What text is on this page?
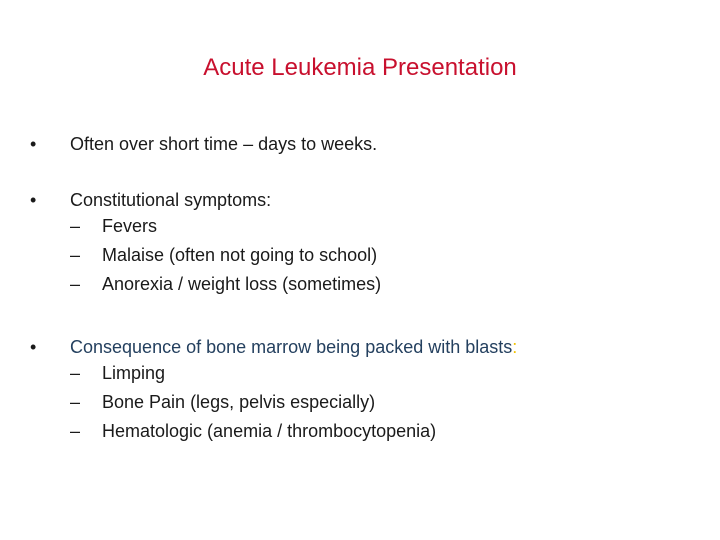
Acute Leukemia Presentation
•	Often over short time – days to weeks.
•	Constitutional symptoms:
– Fevers
– Malaise (often not going to school)
– Anorexia / weight loss (sometimes)
•	Consequence of bone marrow being packed with blasts:
– Limping
– Bone Pain (legs, pelvis especially)
– Hematologic (anemia / thrombocytopenia)
